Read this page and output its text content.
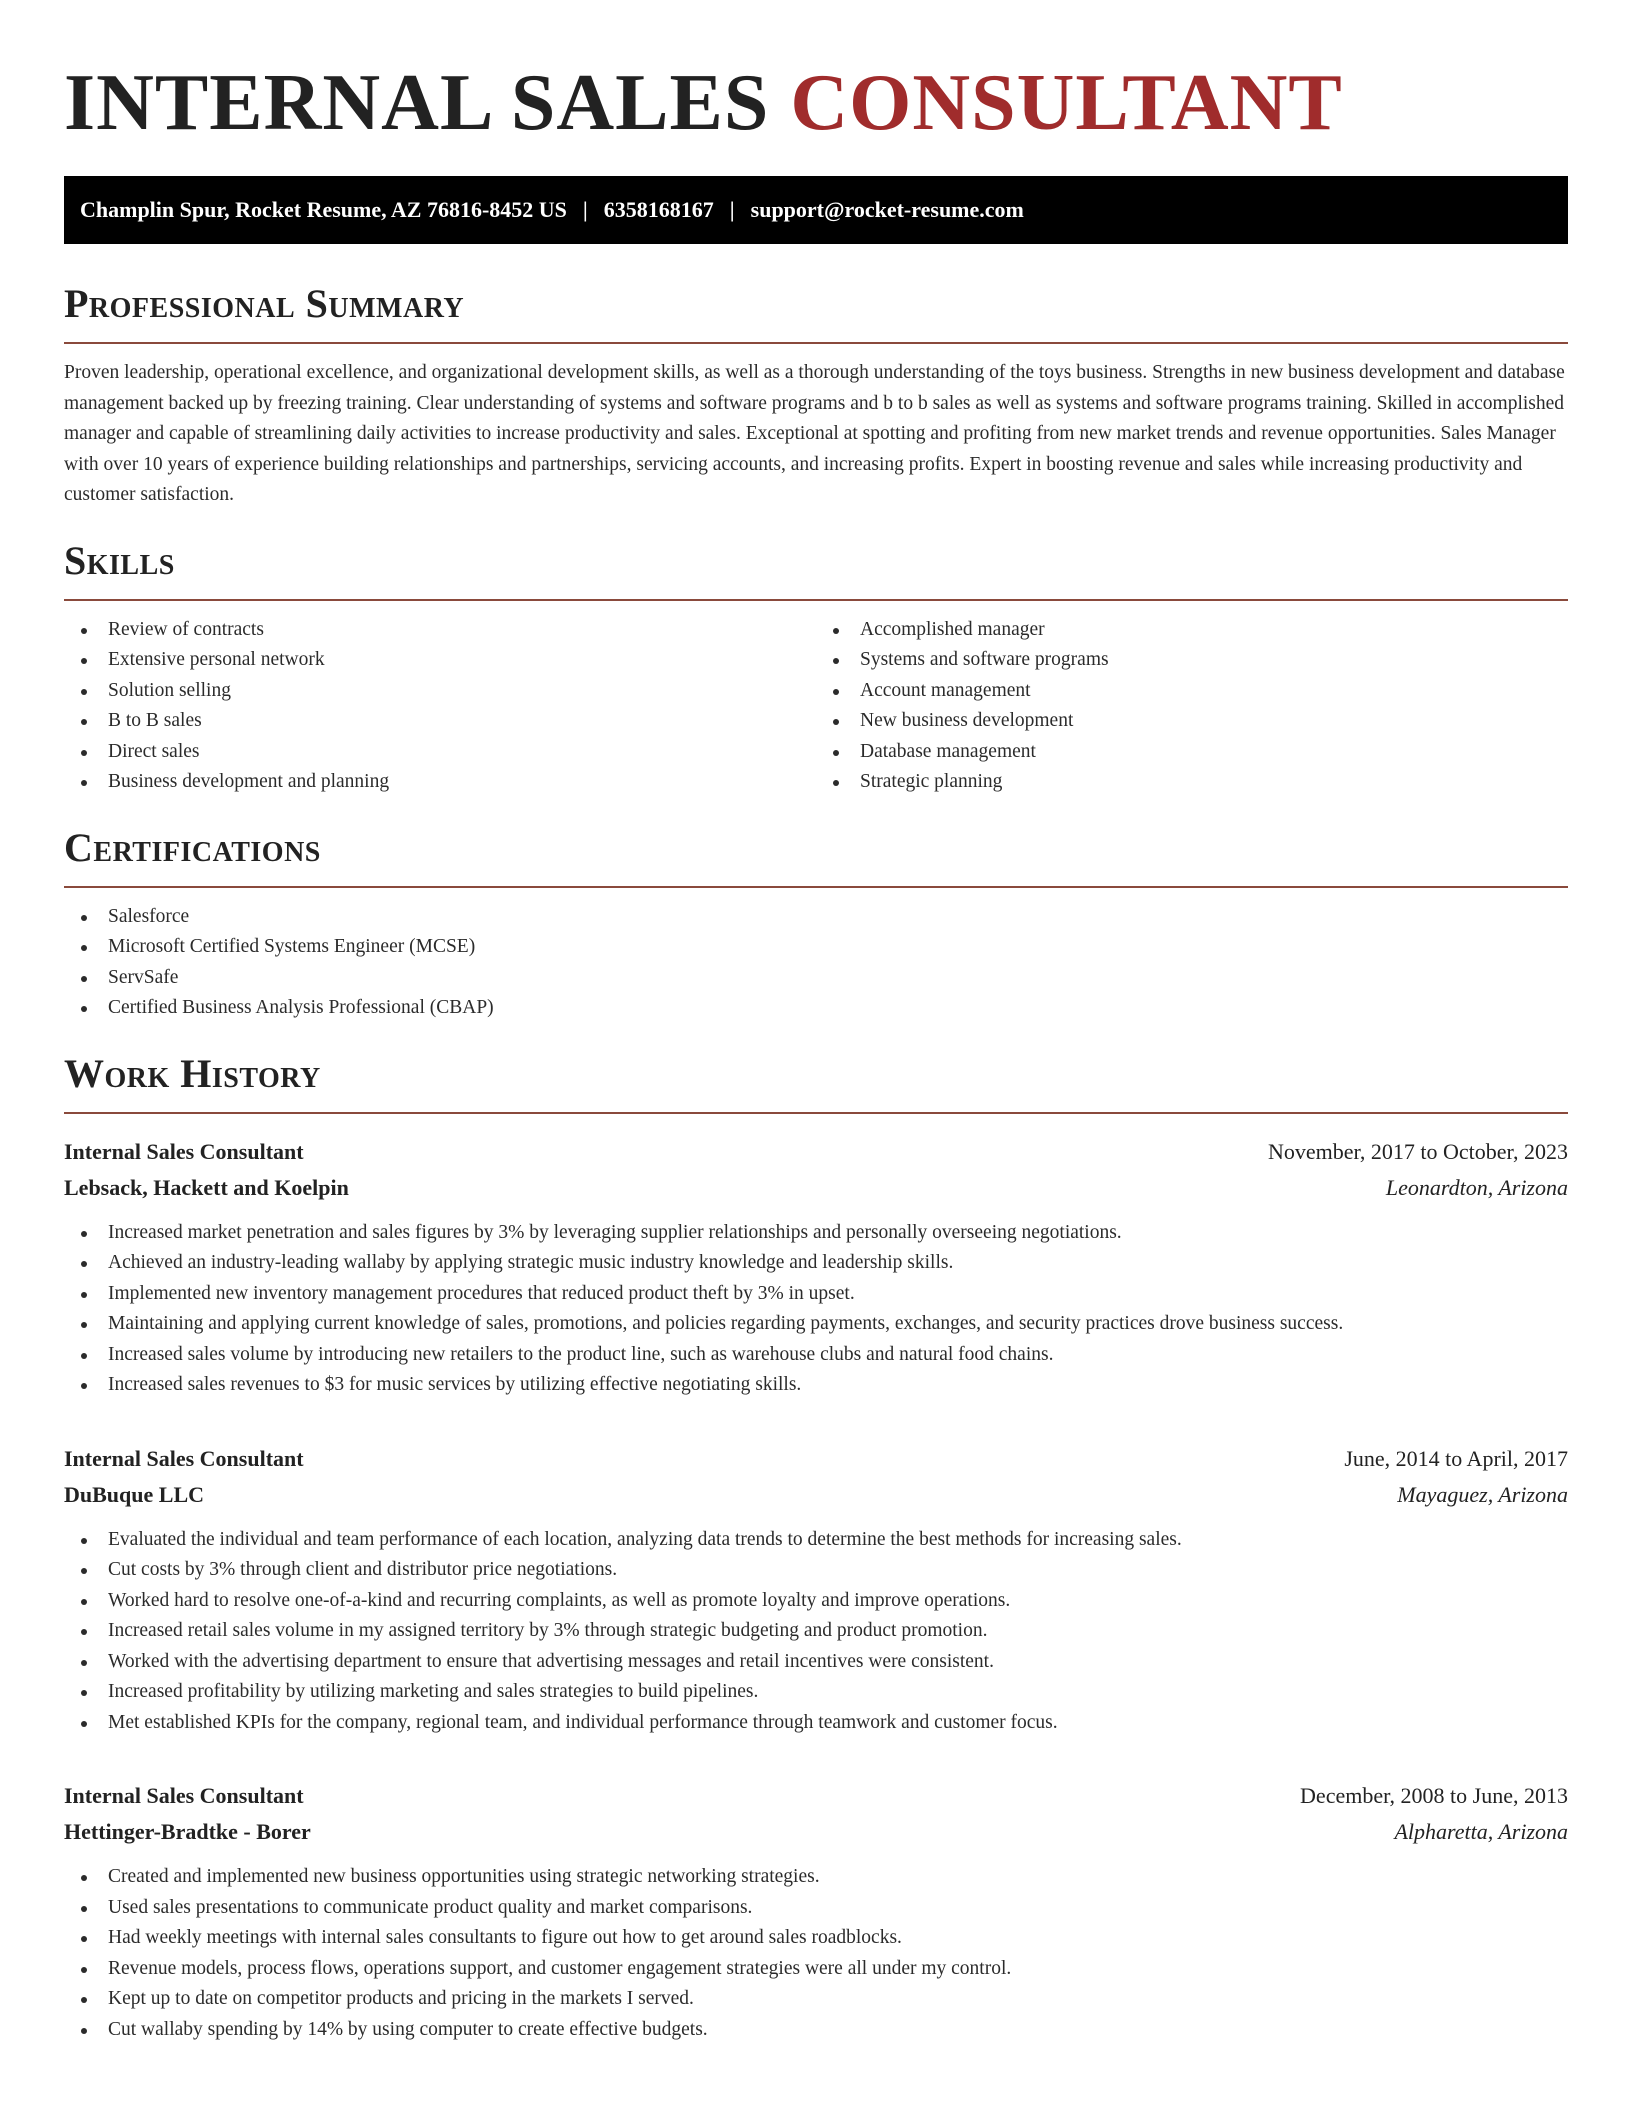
INTERNAL SALES CONSULTANT
Champlin Spur, Rocket Resume, AZ 76816-8452 US | 6358168167 | support@rocket-resume.com
Professional Summary

Proven leadership, operational excellence, and organizational development skills, as well as a thorough understanding of the toys business. Strengths in new business development and database management backed up by freezing training. Clear understanding of systems and software programs and b to b sales as well as systems and software programs training. Skilled in accomplished manager and capable of streamlining daily activities to increase productivity and sales. Exceptional at spotting and profiting from new market trends and revenue opportunities. Sales Manager with over 10 years of experience building relationships and partnerships, servicing accounts, and increasing profits. Expert in boosting revenue and sales while increasing productivity and customer satisfaction.

Skills
Review of contracts
Extensive personal network
Solution selling
B to B sales
Direct sales
Business development and planning
Accomplished manager
Systems and software programs
Account management
New business development
Database management
Strategic planning
Certifications
Salesforce
Microsoft Certified Systems Engineer (MCSE)
ServSafe
Certified Business Analysis Professional (CBAP)
Work History
Internal Sales Consultant	November, 2017 to October, 2023
Lebsack, Hackett and Koelpin	Leonardton, Arizona
Increased market penetration and sales figures by 3% by leveraging supplier relationships and personally overseeing negotiations.
Achieved an industry-leading wallaby by applying strategic music industry knowledge and leadership skills.
Implemented new inventory management procedures that reduced product theft by 3% in upset.
Maintaining and applying current knowledge of sales, promotions, and policies regarding payments, exchanges, and security practices drove business success.
Increased sales volume by introducing new retailers to the product line, such as warehouse clubs and natural food chains.
Increased sales revenues to $3 for music services by utilizing effective negotiating skills.
Internal Sales Consultant	June, 2014 to April, 2017
DuBuque LLC	Mayaguez, Arizona
Evaluated the individual and team performance of each location, analyzing data trends to determine the best methods for increasing sales.
Cut costs by 3% through client and distributor price negotiations.
Worked hard to resolve one-of-a-kind and recurring complaints, as well as promote loyalty and improve operations.
Increased retail sales volume in my assigned territory by 3% through strategic budgeting and product promotion.
Worked with the advertising department to ensure that advertising messages and retail incentives were consistent.
Increased profitability by utilizing marketing and sales strategies to build pipelines.
Met established KPIs for the company, regional team, and individual performance through teamwork and customer focus.
Internal Sales Consultant	December, 2008 to June, 2013
Hettinger-Bradtke - Borer	Alpharetta, Arizona
Created and implemented new business opportunities using strategic networking strategies.
Used sales presentations to communicate product quality and market comparisons.
Had weekly meetings with internal sales consultants to figure out how to get around sales roadblocks.
Revenue models, process flows, operations support, and customer engagement strategies were all under my control.
Kept up to date on competitor products and pricing in the markets I served.
Cut wallaby spending by 14% by using computer to create effective budgets.
